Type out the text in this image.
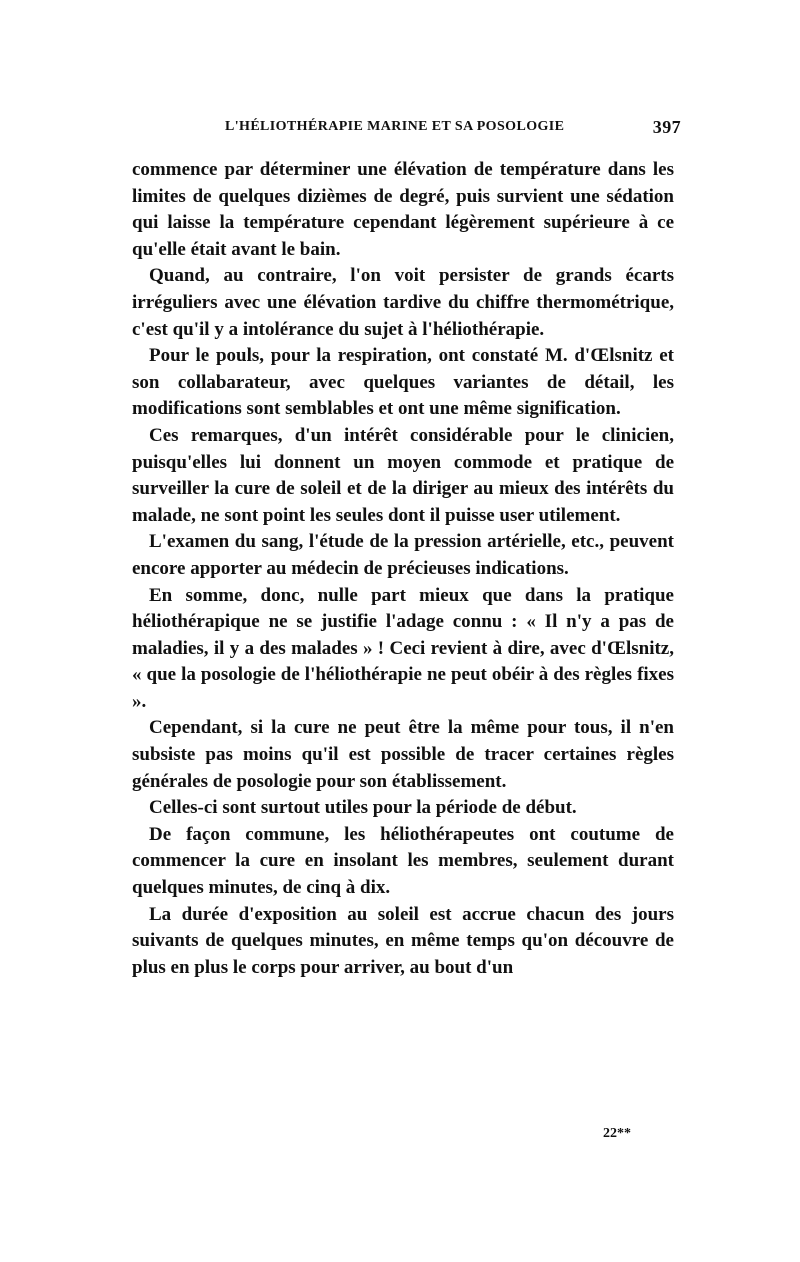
L'HÉLIOTHÉRAPIE MARINE ET SA POSOLOGIE	397

commence par déterminer une élévation de température dans les limites de quelques dizièmes de degré, puis survient une sédation qui laisse la température cependant légèrement supérieure à ce qu'elle était avant le bain.

Quand, au contraire, l'on voit persister de grands écarts irréguliers avec une élévation tardive du chiffre thermométrique, c'est qu'il y a intolérance du sujet à l'héliothérapie.

Pour le pouls, pour la respiration, ont constaté M. d'Œlsnitz et son collabarateur, avec quelques variantes de détail, les modifications sont semblables et ont une même signification.

Ces remarques, d'un intérêt considérable pour le clinicien, puisqu'elles lui donnent un moyen commode et pratique de surveiller la cure de soleil et de la diriger au mieux des intérêts du malade, ne sont point les seules dont il puisse user utilement.

L'examen du sang, l'étude de la pression artérielle, etc., peuvent encore apporter au médecin de précieuses indications.

En somme, donc, nulle part mieux que dans la pratique héliothérapique ne se justifie l'adage connu : « Il n'y a pas de maladies, il y a des malades » ! Ceci revient à dire, avec d'Œlsnitz, « que la posologie de l'héliothérapie ne peut obéir à des règles fixes ».

Cependant, si la cure ne peut être la même pour tous, il n'en subsiste pas moins qu'il est possible de tracer certaines règles générales de posologie pour son établissement.

Celles-ci sont surtout utiles pour la période de début.

De façon commune, les héliothérapeutes ont coutume de commencer la cure en insolant les membres, seulement durant quelques minutes, de cinq à dix.

La durée d'exposition au soleil est accrue chacun des jours suivants de quelques minutes, en même temps qu'on découvre de plus en plus le corps pour arriver, au bout d'un

22**
